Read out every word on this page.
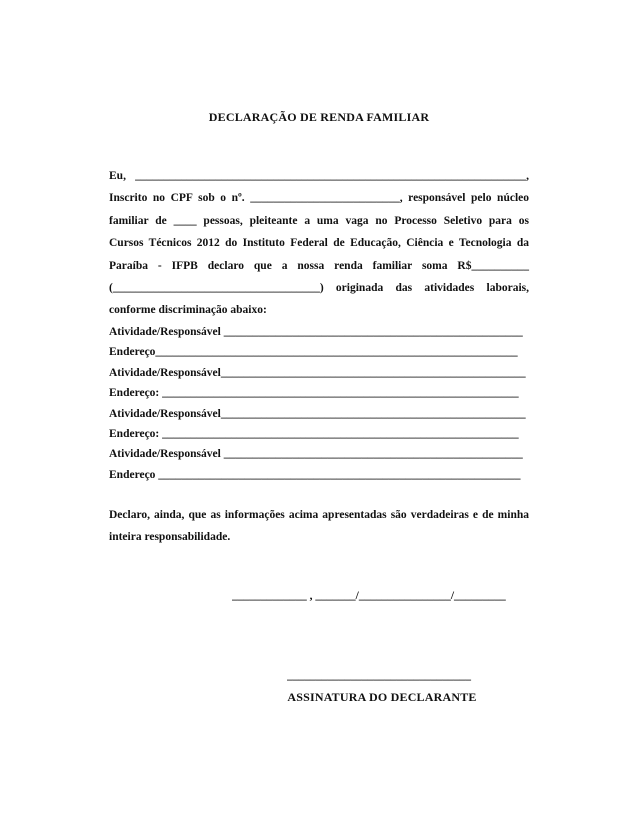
DECLARAÇÃO DE RENDA FAMILIAR
Eu, ____________________________________________________________________,
Inscrito no CPF sob o nº. __________________________, responsável pelo núcleo
familiar de ____ pessoas, pleiteante a uma vaga no Processo Seletivo para os
Cursos Técnicos 2012 do Instituto Federal de Educação, Ciência e Tecnologia da
Paraíba - IFPB declaro que a nossa renda familiar soma R$__________
(____________________________________) originada das atividades laborais,
conforme discriminação abaixo:
Atividade/Responsável ____________________________________________________
Endereço_______________________________________________________________
Atividade/Responsável_____________________________________________________
Endereço: ______________________________________________________________
Atividade/Responsável_____________________________________________________
Endereço: ______________________________________________________________
Atividade/Responsável ____________________________________________________
Endereço _______________________________________________________________
Declaro, ainda, que as informações acima apresentadas são verdadeiras e de minha
inteira responsabilidade.
_____________ , _______/________________/_________
________________________________
ASSINATURA DO DECLARANTE
